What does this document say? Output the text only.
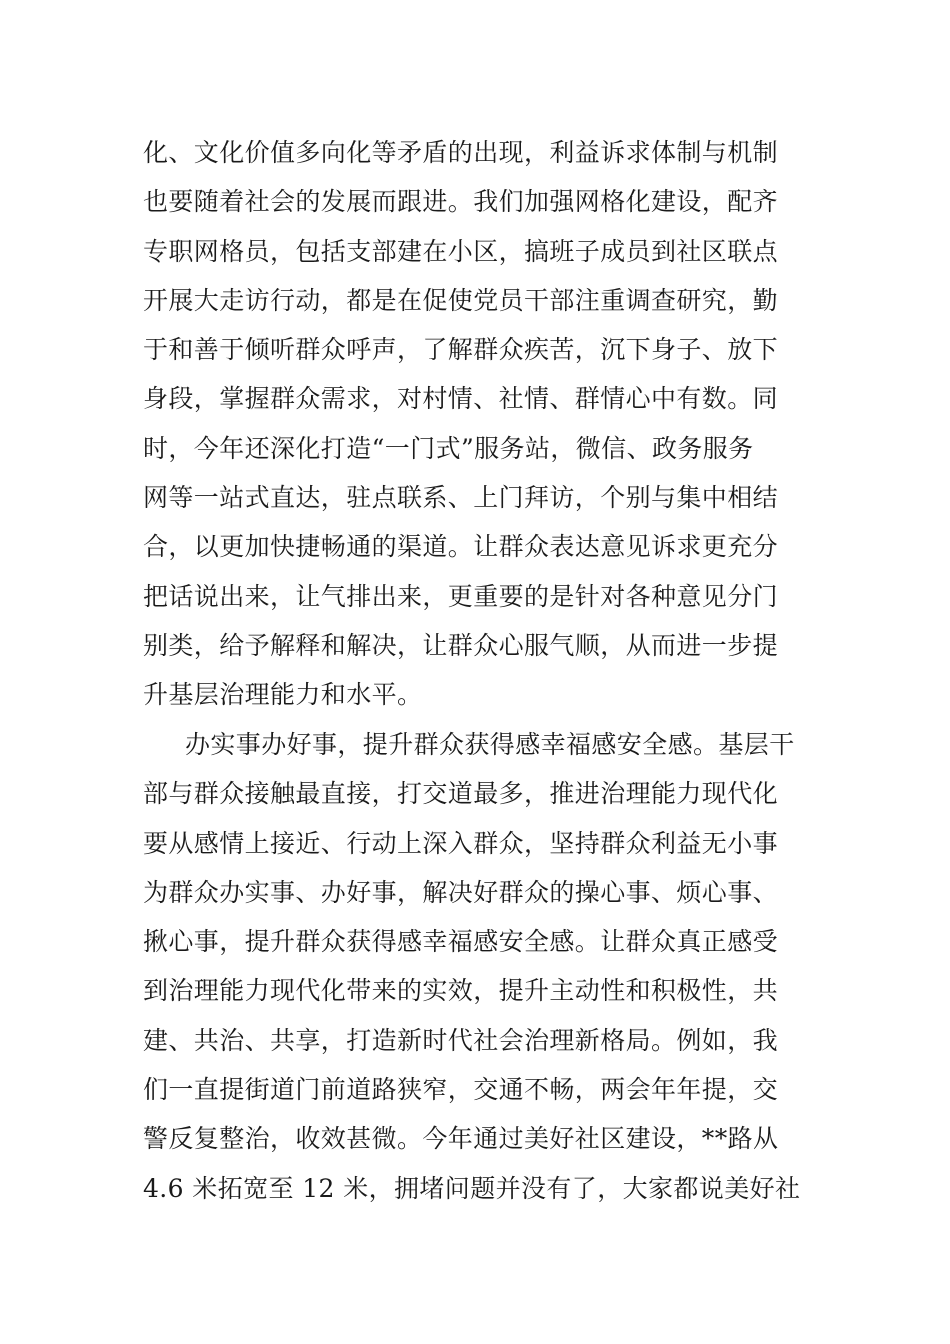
化、文化价值多向化等矛盾的出现，利益诉求体制与机制
也要随着社会的发展而跟进。我们加强网格化建设，配齐
专职网格员，包括支部建在小区，搞班子成员到社区联点
开展大走访行动，都是在促使党员干部注重调查研究，勤
于和善于倾听群众呼声，了解群众疾苦，沉下身子、放下
身段，掌握群众需求，对村情、社情、群情心中有数。同
时，今年还深化打造“一门式”服务站，微信、政务服务
网等一站式直达，驻点联系、上门拜访，个别与集中相结
合，以更加快捷畅通的渠道。让群众表达意见诉求更充分
把话说出来，让气排出来，更重要的是针对各种意见分门
别类，给予解释和解决，让群众心服气顺，从而进一步提
升基层治理能力和水平。
办实事办好事，提升群众获得感幸福感安全感。基层干
部与群众接触最直接，打交道最多，推进治理能力现代化
要从感情上接近、行动上深入群众，坚持群众利益无小事
为群众办实事、办好事，解决好群众的操心事、烦心事、
揪心事，提升群众获得感幸福感安全感。让群众真正感受
到治理能力现代化带来的实效，提升主动性和积极性，共
建、共治、共享，打造新时代社会治理新格局。例如，我
们一直提街道门前道路狭窄，交通不畅，两会年年提，交
警反复整治，收效甚微。今年通过美好社区建设，**路从
4.6 米拓宽至 12 米，拥堵问题并没有了，大家都说美好社
